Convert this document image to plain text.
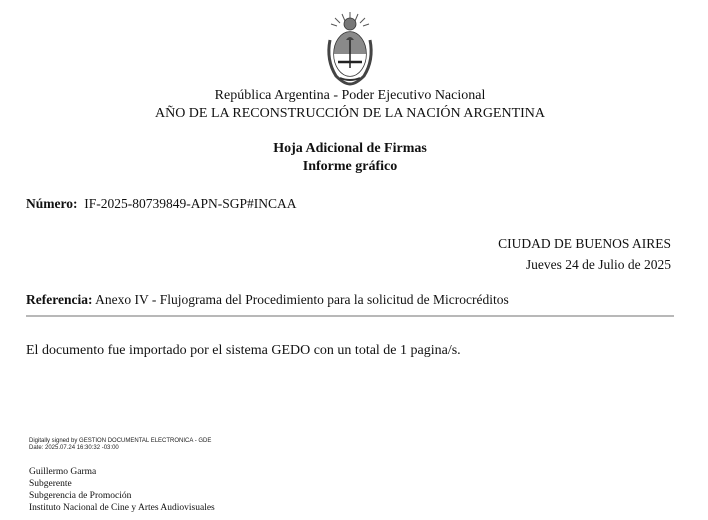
República Argentina - Poder Ejecutivo Nacional
AÑO DE LA RECONSTRUCCIÓN DE LA NACIÓN ARGENTINA
Hoja Adicional de Firmas
Informe gráfico
Número: IF-2025-80739849-APN-SGP#INCAA
CIUDAD DE BUENOS AIRES
Jueves 24 de Julio de 2025
Referencia: Anexo IV - Flujograma del Procedimiento para la solicitud de Microcréditos
El documento fue importado por el sistema GEDO con un total de 1 pagina/s.
Digitally signed by GESTION DOCUMENTAL ELECTRONICA - GDE
Date: 2025.07.24 16:30:32 -03:00
Guillermo Garma
Subgerente
Subgerencia de Promoción
Instituto Nacional de Cine y Artes Audiovisuales
